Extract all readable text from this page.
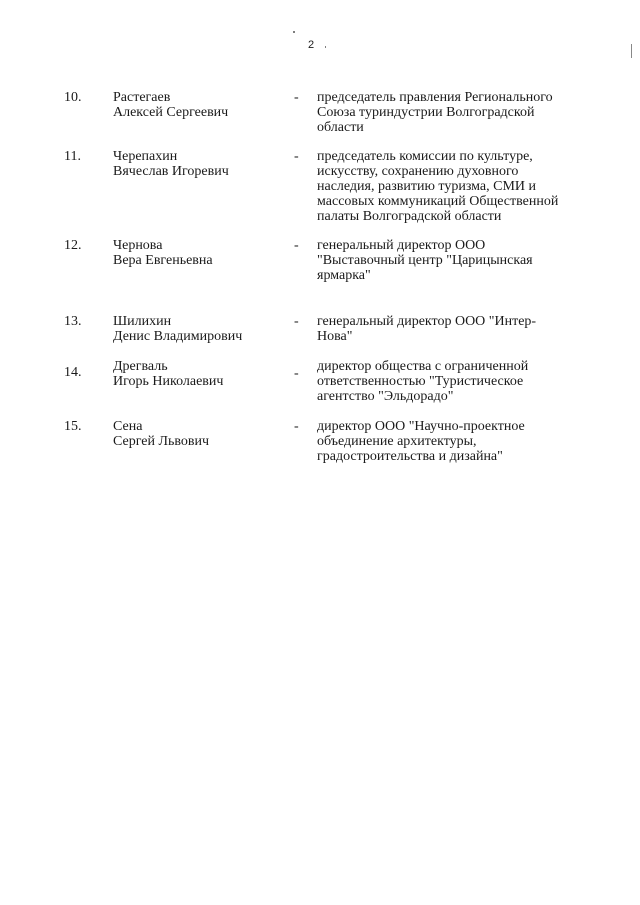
2
10. Растегаев
Алексей Сергеевич
- председатель правления Регионального
Союза туриндустрии Волгоградской
области
11. Черепахин
Вячеслав Игоревич
- председатель комиссии по культуре,
искусству, сохранению духовного
наследия, развитию туризма, СМИ и
массовых коммуникаций Общественной
палаты Волгоградской области
12. Чернова
Вера Евгеньевна
- генеральный директор ООО
"Выставочный центр "Царицынская
ярмарка"
13. Шилихин
Денис Владимирович
- генеральный директор ООО "Интер-
Нова"
14. Дрегваль
Игорь Николаевич
- директор общества с ограниченной
ответственностью "Туристическое
агентство "Эльдорадо"
15. Сена
Сергей Львович
- директор ООО "Научно-проектное
объединение архитектуры,
градостроительства и дизайна"
